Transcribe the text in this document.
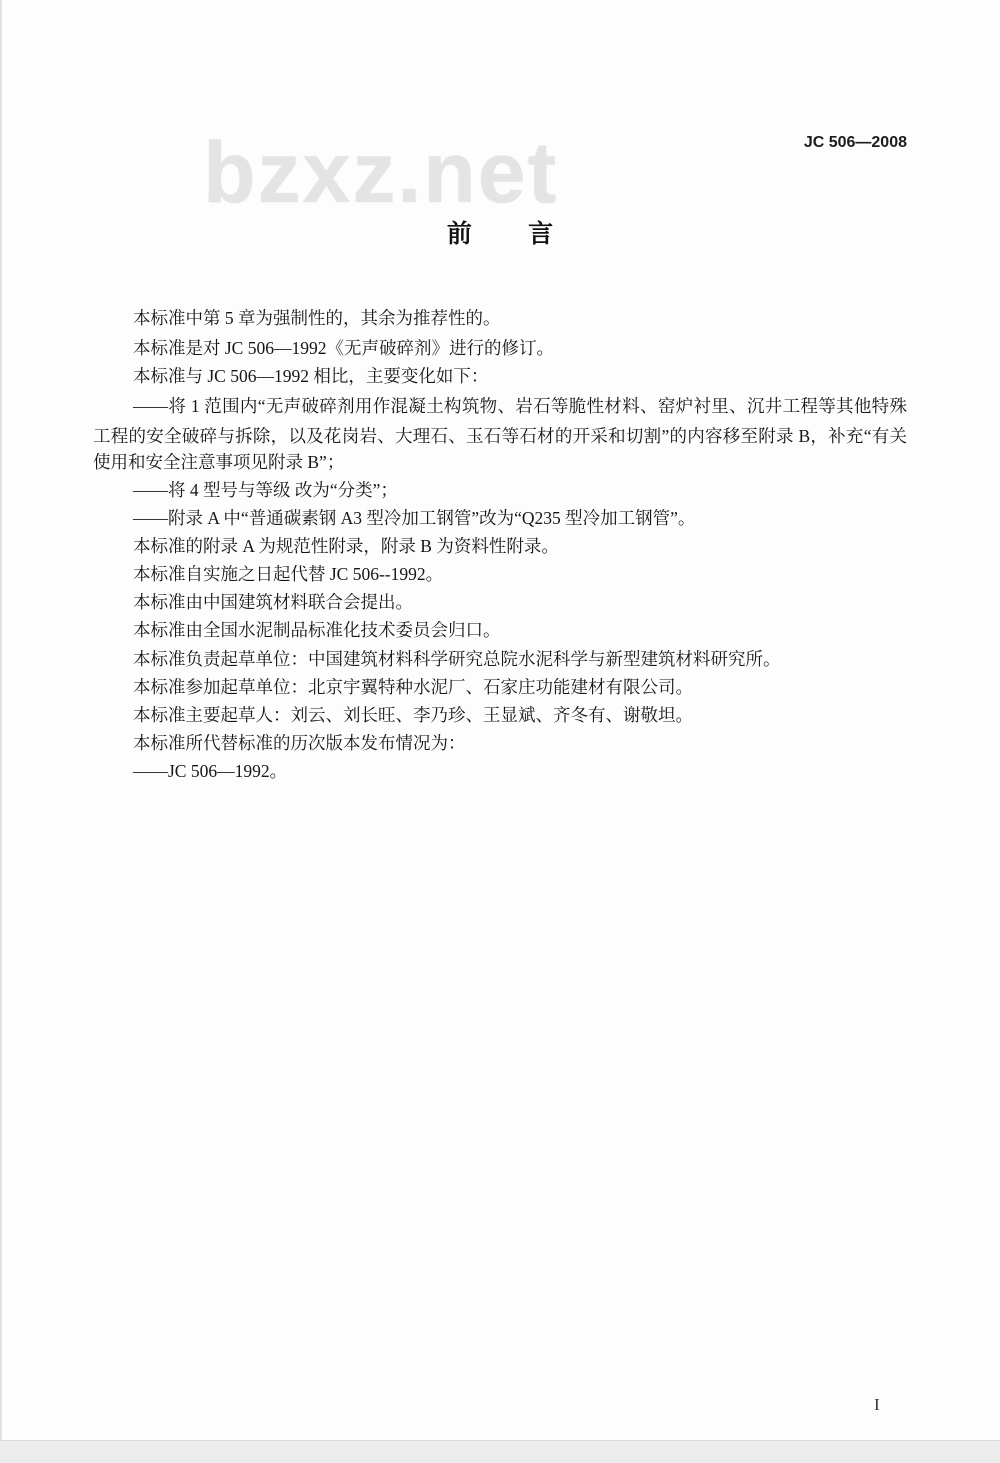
JC 506—2008
bzxz.net
前 言
本标准中第 5 章为强制性的，其余为推荐性的。
本标准是对 JC 506—1992《无声破碎剂》进行的修订。
本标准与 JC 506—1992 相比，主要变化如下：
——将 1 范围内“无声破碎剂用作混凝土构筑物、岩石等脆性材料、窑炉衬里、沉井工程等其他特殊
工程的安全破碎与拆除，以及花岗岩、大理石、玉石等石材的开采和切割”的内容移至附录 B，补充“有关
使用和安全注意事项见附录 B”；
——将 4 型号与等级 改为“分类”；
——附录 A 中“普通碳素钢 A3 型冷加工钢管”改为“Q235 型冷加工钢管”。
本标准的附录 A 为规范性附录，附录 B 为资料性附录。
本标准自实施之日起代替 JC 506--1992。
本标准由中国建筑材料联合会提出。
本标准由全国水泥制品标准化技术委员会归口。
本标准负责起草单位：中国建筑材料科学研究总院水泥科学与新型建筑材料研究所。
本标准参加起草单位：北京宇翼特种水泥厂、石家庄功能建材有限公司。
本标准主要起草人：刘云、刘长旺、李乃珍、王显斌、齐冬有、谢敬坦。
本标准所代替标准的历次版本发布情况为：
——JC 506—1992。
I
